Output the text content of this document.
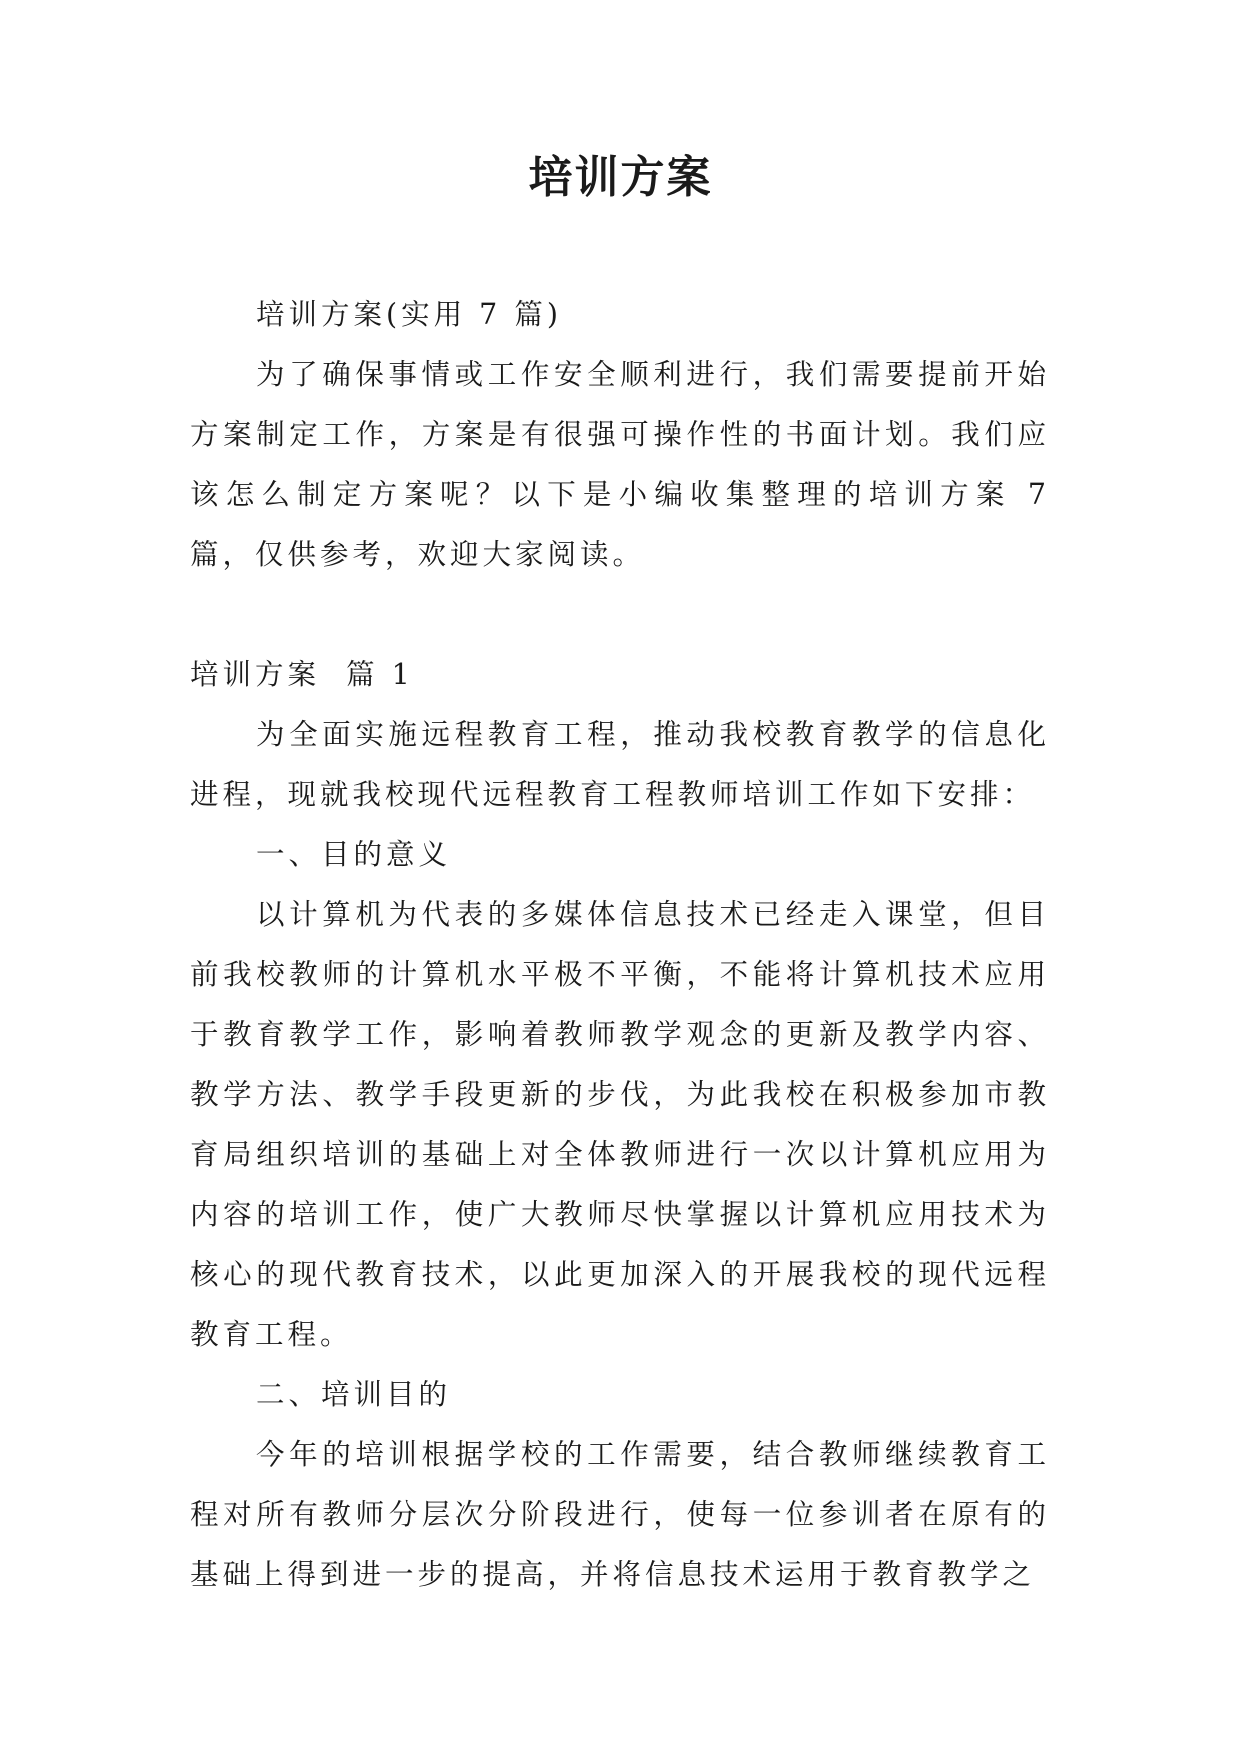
培训方案

培训方案(实用 7 篇)

为了确保事情或工作安全顺利进行，我们需要提前开始方案制定工作，方案是有很强可操作性的书面计划。我们应该怎么制定方案呢？以下是小编收集整理的培训方案 7 篇，仅供参考，欢迎大家阅读。

培训方案  篇 1

为全面实施远程教育工程，推动我校教育教学的信息化进程，现就我校现代远程教育工程教师培训工作如下安排：

一、目的意义

以计算机为代表的多媒体信息技术已经走入课堂，但目前我校教师的计算机水平极不平衡，不能将计算机技术应用于教育教学工作，影响着教师教学观念的更新及教学内容、教学方法、教学手段更新的步伐，为此我校在积极参加市教育局组织培训的基础上对全体教师进行一次以计算机应用为内容的培训工作，使广大教师尽快掌握以计算机应用技术为核心的现代教育技术，以此更加深入的开展我校的现代远程教育工程。

二、培训目的

今年的培训根据学校的工作需要，结合教师继续教育工程对所有教师分层次分阶段进行，使每一位参训者在原有的基础上得到进一步的提高，并将信息技术运用于教育教学之
